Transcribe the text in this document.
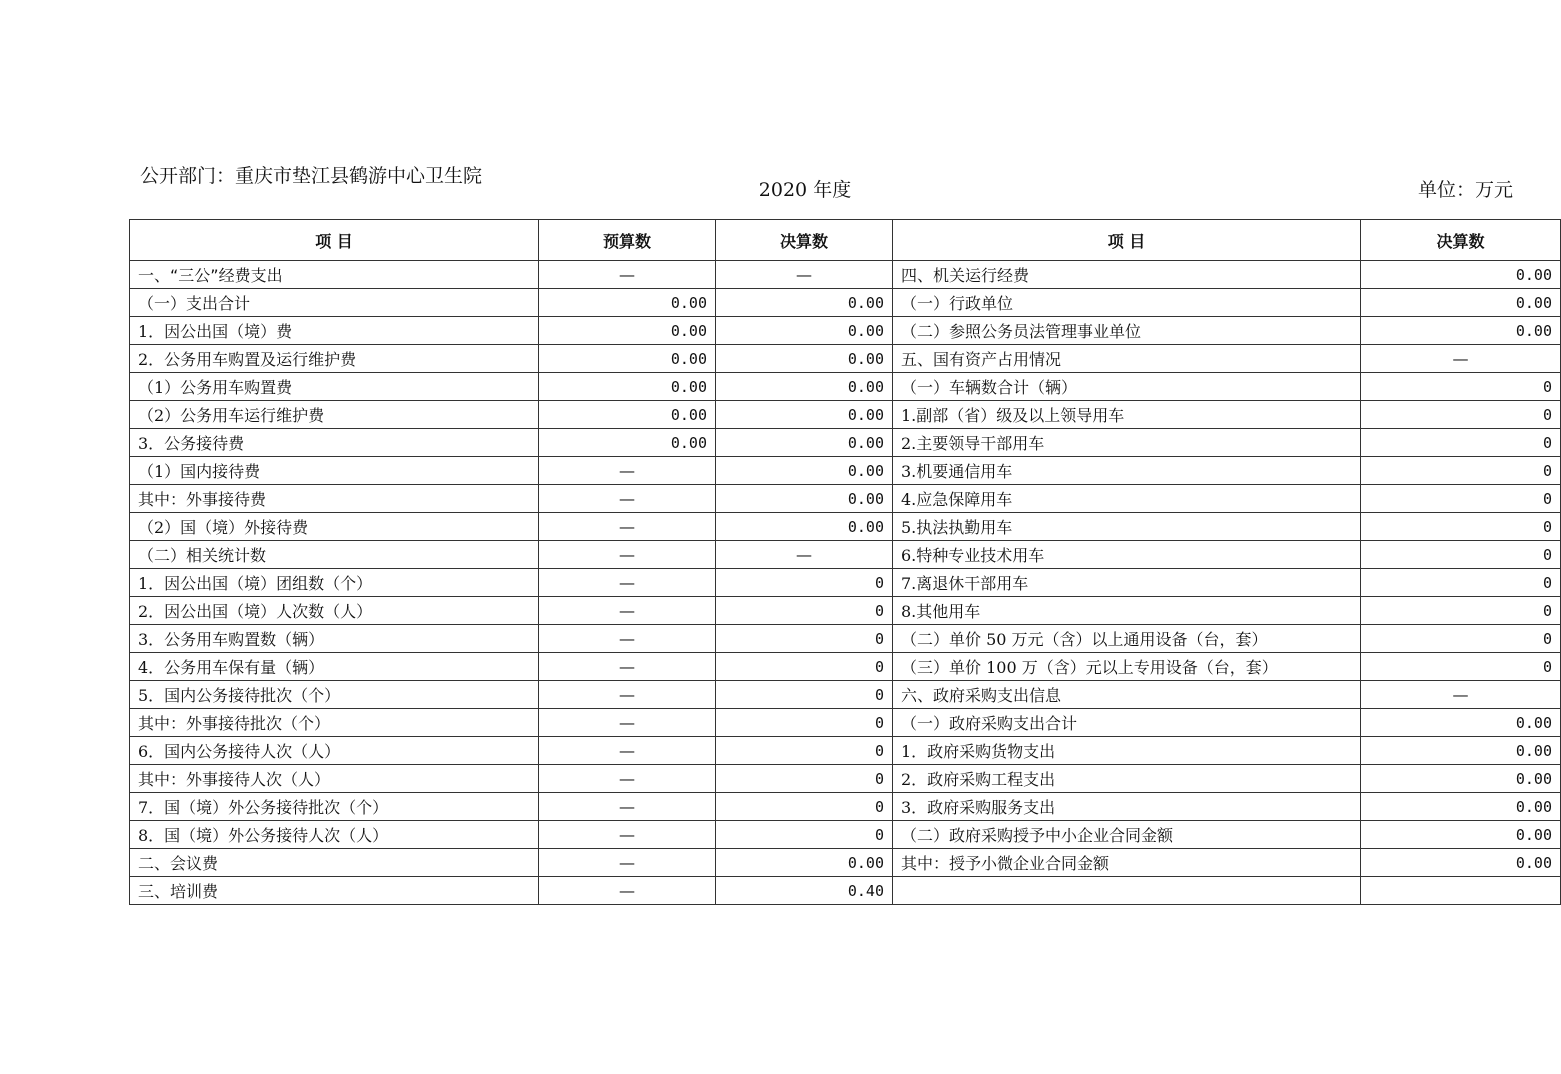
公开部门：重庆市垫江县鹤游中心卫生院
2020 年度	单位：万元
项 目	预算数	决算数	项 目	决算数
一、“三公”经费支出	—	—	四、机关运行经费	0.00
（一）支出合计	0.00	0.00	（一）行政单位	0.00
1．因公出国（境）费	0.00	0.00	（二）参照公务员法管理事业单位	0.00
2．公务用车购置及运行维护费	0.00	0.00	五、国有资产占用情况	—
（1）公务用车购置费	0.00	0.00	（一）车辆数合计（辆）	0
（2）公务用车运行维护费	0.00	0.00	1.副部（省）级及以上领导用车	0
3．公务接待费	0.00	0.00	2.主要领导干部用车	0
（1）国内接待费	—	0.00	3.机要通信用车	0
其中：外事接待费	—	0.00	4.应急保障用车	0
（2）国（境）外接待费	—	0.00	5.执法执勤用车	0
（二）相关统计数	—	—	6.特种专业技术用车	0
1．因公出国（境）团组数（个）	—	0	7.离退休干部用车	0
2．因公出国（境）人次数（人）	—	0	8.其他用车	0
3．公务用车购置数（辆）	—	0	（二）单价 50 万元（含）以上通用设备（台，套）	0
4．公务用车保有量（辆）	—	0	（三）单价 100 万（含）元以上专用设备（台，套）	0
5．国内公务接待批次（个）	—	0	六、政府采购支出信息	—
其中：外事接待批次（个）	—	0	（一）政府采购支出合计	0.00
6．国内公务接待人次（人）	—	0	1．政府采购货物支出	0.00
其中：外事接待人次（人）	—	0	2．政府采购工程支出	0.00
7．国（境）外公务接待批次（个）	—	0	3．政府采购服务支出	0.00
8．国（境）外公务接待人次（人）	—	0	（二）政府采购授予中小企业合同金额	0.00
二、会议费	—	0.00	其中：授予小微企业合同金额	0.00
三、培训费	—	0.40		
